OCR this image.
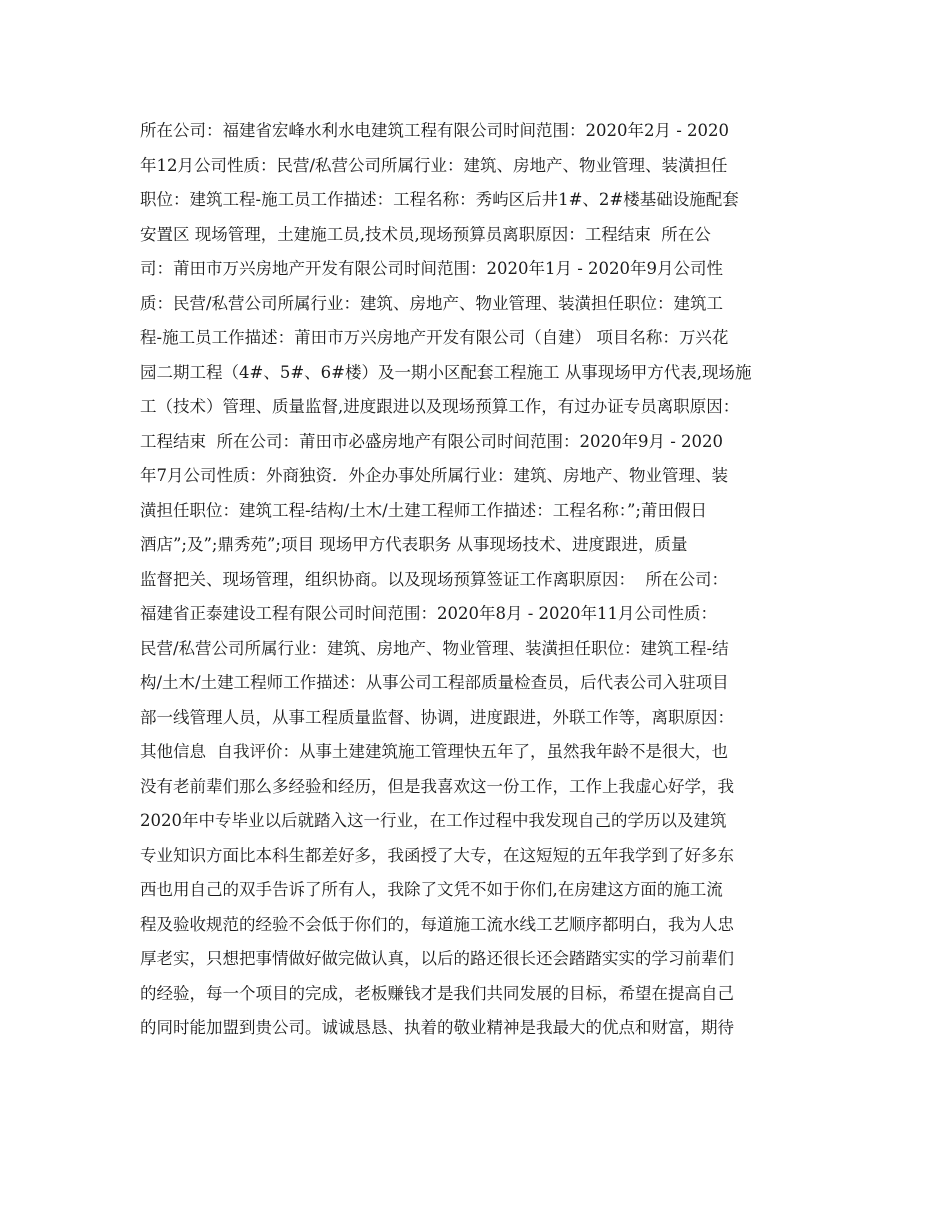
所在公司：福建省宏峰水利水电建筑工程有限公司时间范围：2020年2月 - 2020
年12月公司性质：民营/私营公司所属行业：建筑、房地产、物业管理、装潢担任
职位：建筑工程-施工员工作描述：工程名称：秀屿区后井1#、2#楼基础设施配套
安置区 现场管理，土建施工员,技术员,现场预算员离职原因：工程结束  所在公
司：莆田市万兴房地产开发有限公司时间范围：2020年1月 - 2020年9月公司性
质：民营/私营公司所属行业：建筑、房地产、物业管理、装潢担任职位：建筑工
程-施工员工作描述：莆田市万兴房地产开发有限公司（自建） 项目名称：万兴花
园二期工程（4#、5#、6#楼）及一期小区配套工程施工 从事现场甲方代表,现场施
工（技术）管理、质量监督,进度跟进以及现场预算工作，有过办证专员离职原因：
工程结束  所在公司：莆田市必盛房地产有限公司时间范围：2020年9月 - 2020
年7月公司性质：外商独资．外企办事处所属行业：建筑、房地产、物业管理、装
潢担任职位：建筑工程-结构/土木/土建工程师工作描述：工程名称：”;莆田假日
酒店”;及”;鼎秀苑”;项目 现场甲方代表职务 从事现场技术、进度跟进，质量
监督把关、现场管理，组织协商。以及现场预算签证工作离职原因：  所在公司：
福建省正泰建设工程有限公司时间范围：2020年8月 - 2020年11月公司性质：
民营/私营公司所属行业：建筑、房地产、物业管理、装潢担任职位：建筑工程-结
构/土木/土建工程师工作描述：从事公司工程部质量检查员，后代表公司入驻项目
部一线管理人员，从事工程质量监督、协调，进度跟进，外联工作等，离职原因：
其他信息  自我评价：从事土建建筑施工管理快五年了，虽然我年龄不是很大，也
没有老前辈们那么多经验和经历，但是我喜欢这一份工作，工作上我虚心好学，我
2020年中专毕业以后就踏入这一行业，在工作过程中我发现自己的学历以及建筑
专业知识方面比本科生都差好多，我函授了大专，在这短短的五年我学到了好多东
西也用自己的双手告诉了所有人，我除了文凭不如于你们,在房建这方面的施工流
程及验收规范的经验不会低于你们的，每道施工流水线工艺顺序都明白，我为人忠
厚老实，只想把事情做好做完做认真，以后的路还很长还会踏踏实实的学习前辈们
的经验，每一个项目的完成，老板赚钱才是我们共同发展的目标，希望在提高自己
的同时能加盟到贵公司。诚诚恳恳、执着的敬业精神是我最大的优点和财富，期待
